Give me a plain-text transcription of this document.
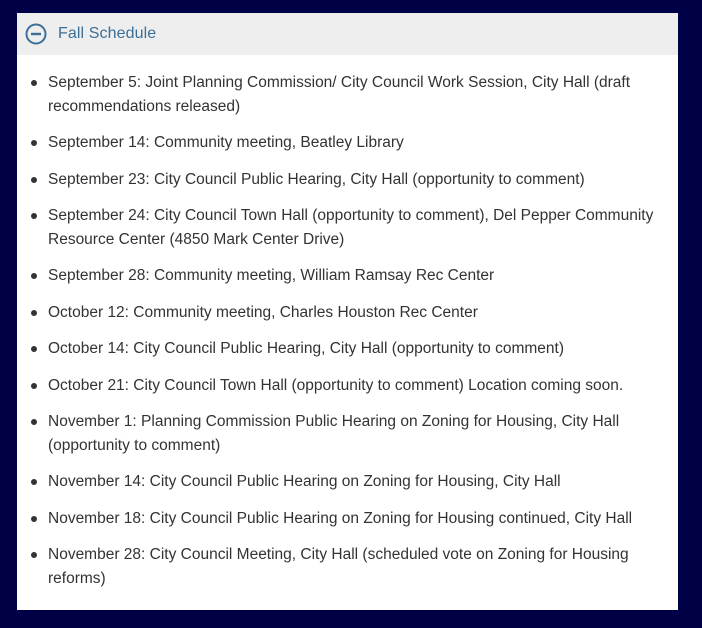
Fall Schedule
September 5: Joint Planning Commission/ City Council Work Session, City Hall (draft recommendations released)
September 14: Community meeting, Beatley Library
September 23: City Council Public Hearing, City Hall (opportunity to comment)
September 24: City Council Town Hall (opportunity to comment), Del Pepper Community Resource Center (4850 Mark Center Drive)
September 28: Community meeting, William Ramsay Rec Center
October 12: Community meeting, Charles Houston Rec Center
October 14: City Council Public Hearing, City Hall (opportunity to comment)
October 21: City Council Town Hall (opportunity to comment) Location coming soon.
November 1: Planning Commission Public Hearing on Zoning for Housing, City Hall (opportunity to comment)
November 14: City Council Public Hearing on Zoning for Housing, City Hall
November 18: City Council Public Hearing on Zoning for Housing continued, City Hall
November 28: City Council Meeting, City Hall (scheduled vote on Zoning for Housing reforms)
